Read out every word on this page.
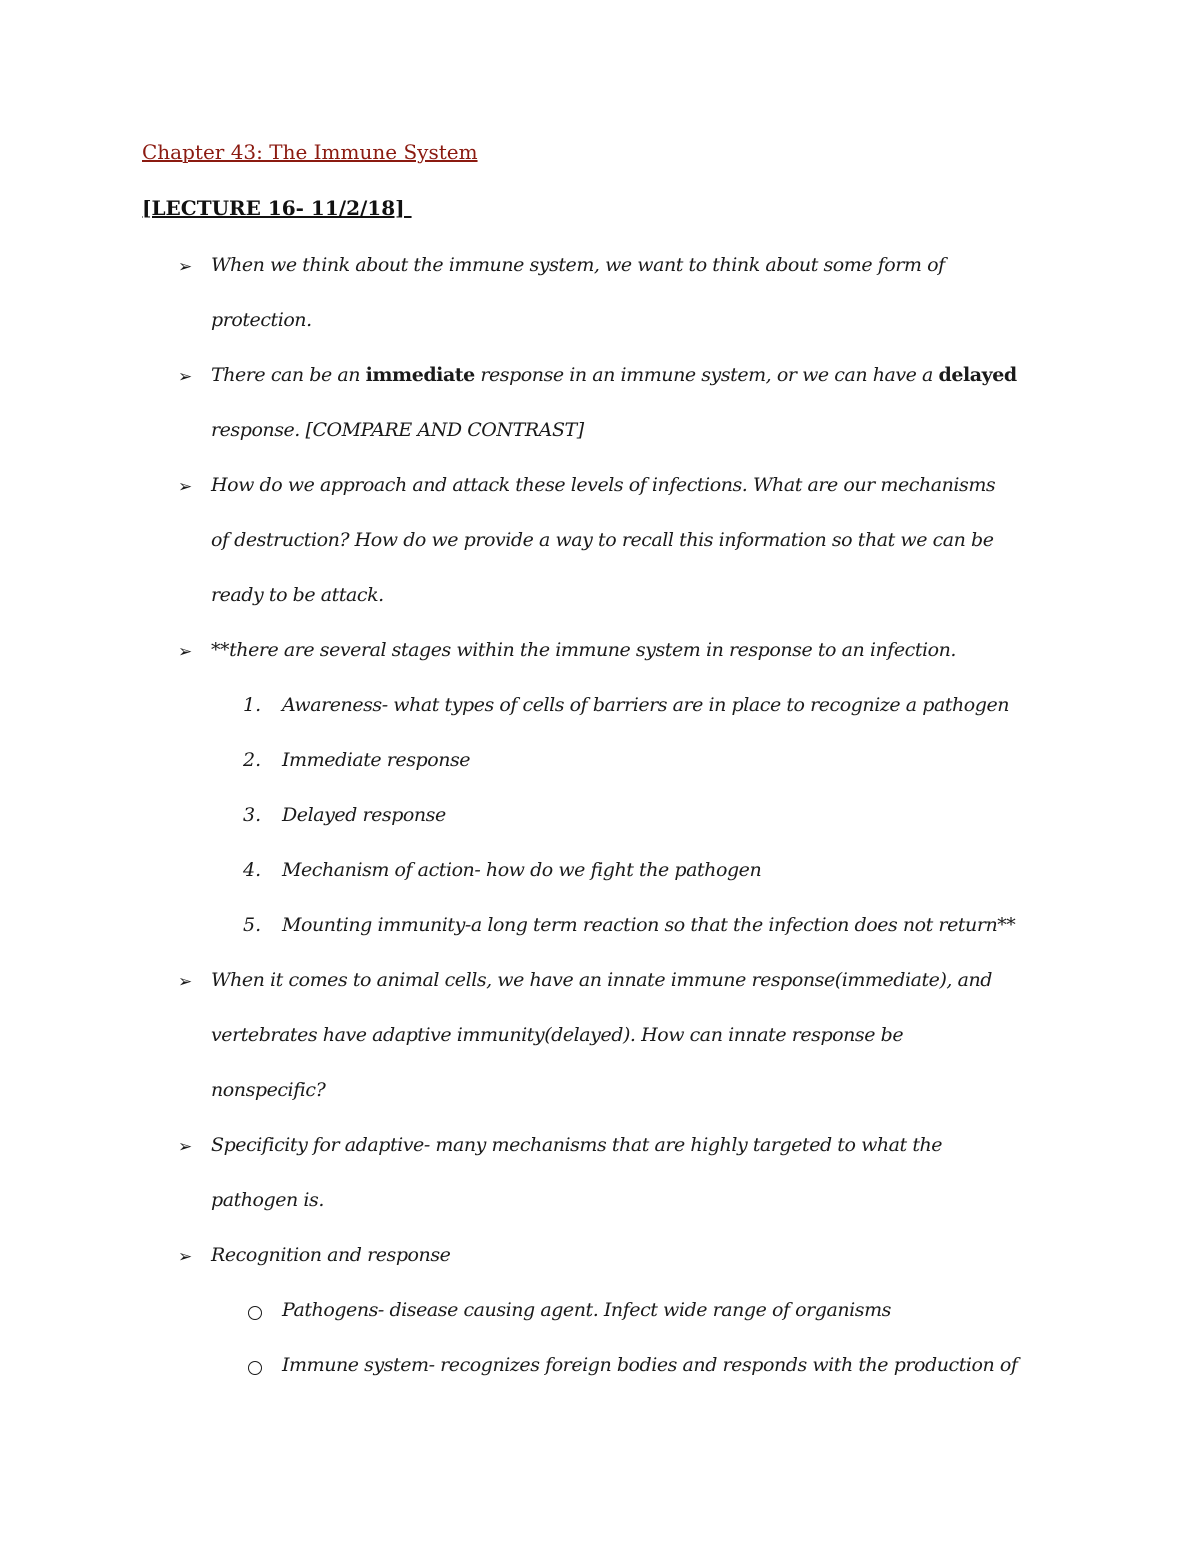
Chapter 43: The Immune System
[LECTURE 16- 11/2/18]
➢ When we think about the immune system, we want to think about some form of
protection.
➢ There can be an immediate response in an immune system, or we can have a delayed
response. [COMPARE AND CONTRAST]
➢ How do we approach and attack these levels of infections. What are our mechanisms
of destruction? How do we provide a way to recall this information so that we can be
ready to be attack.
➢ **there are several stages within the immune system in response to an infection.
1. Awareness- what types of cells of barriers are in place to recognize a pathogen
2. Immediate response
3. Delayed response
4. Mechanism of action- how do we fight the pathogen
5. Mounting immunity-a long term reaction so that the infection does not return**
➢ When it comes to animal cells, we have an innate immune response(immediate), and
vertebrates have adaptive immunity(delayed). How can innate response be
nonspecific?
➢ Specificity for adaptive- many mechanisms that are highly targeted to what the
pathogen is.
➢ Recognition and response
Pathogens- disease causing agent. Infect wide range of organisms
Immune system- recognizes foreign bodies and responds with the production of
